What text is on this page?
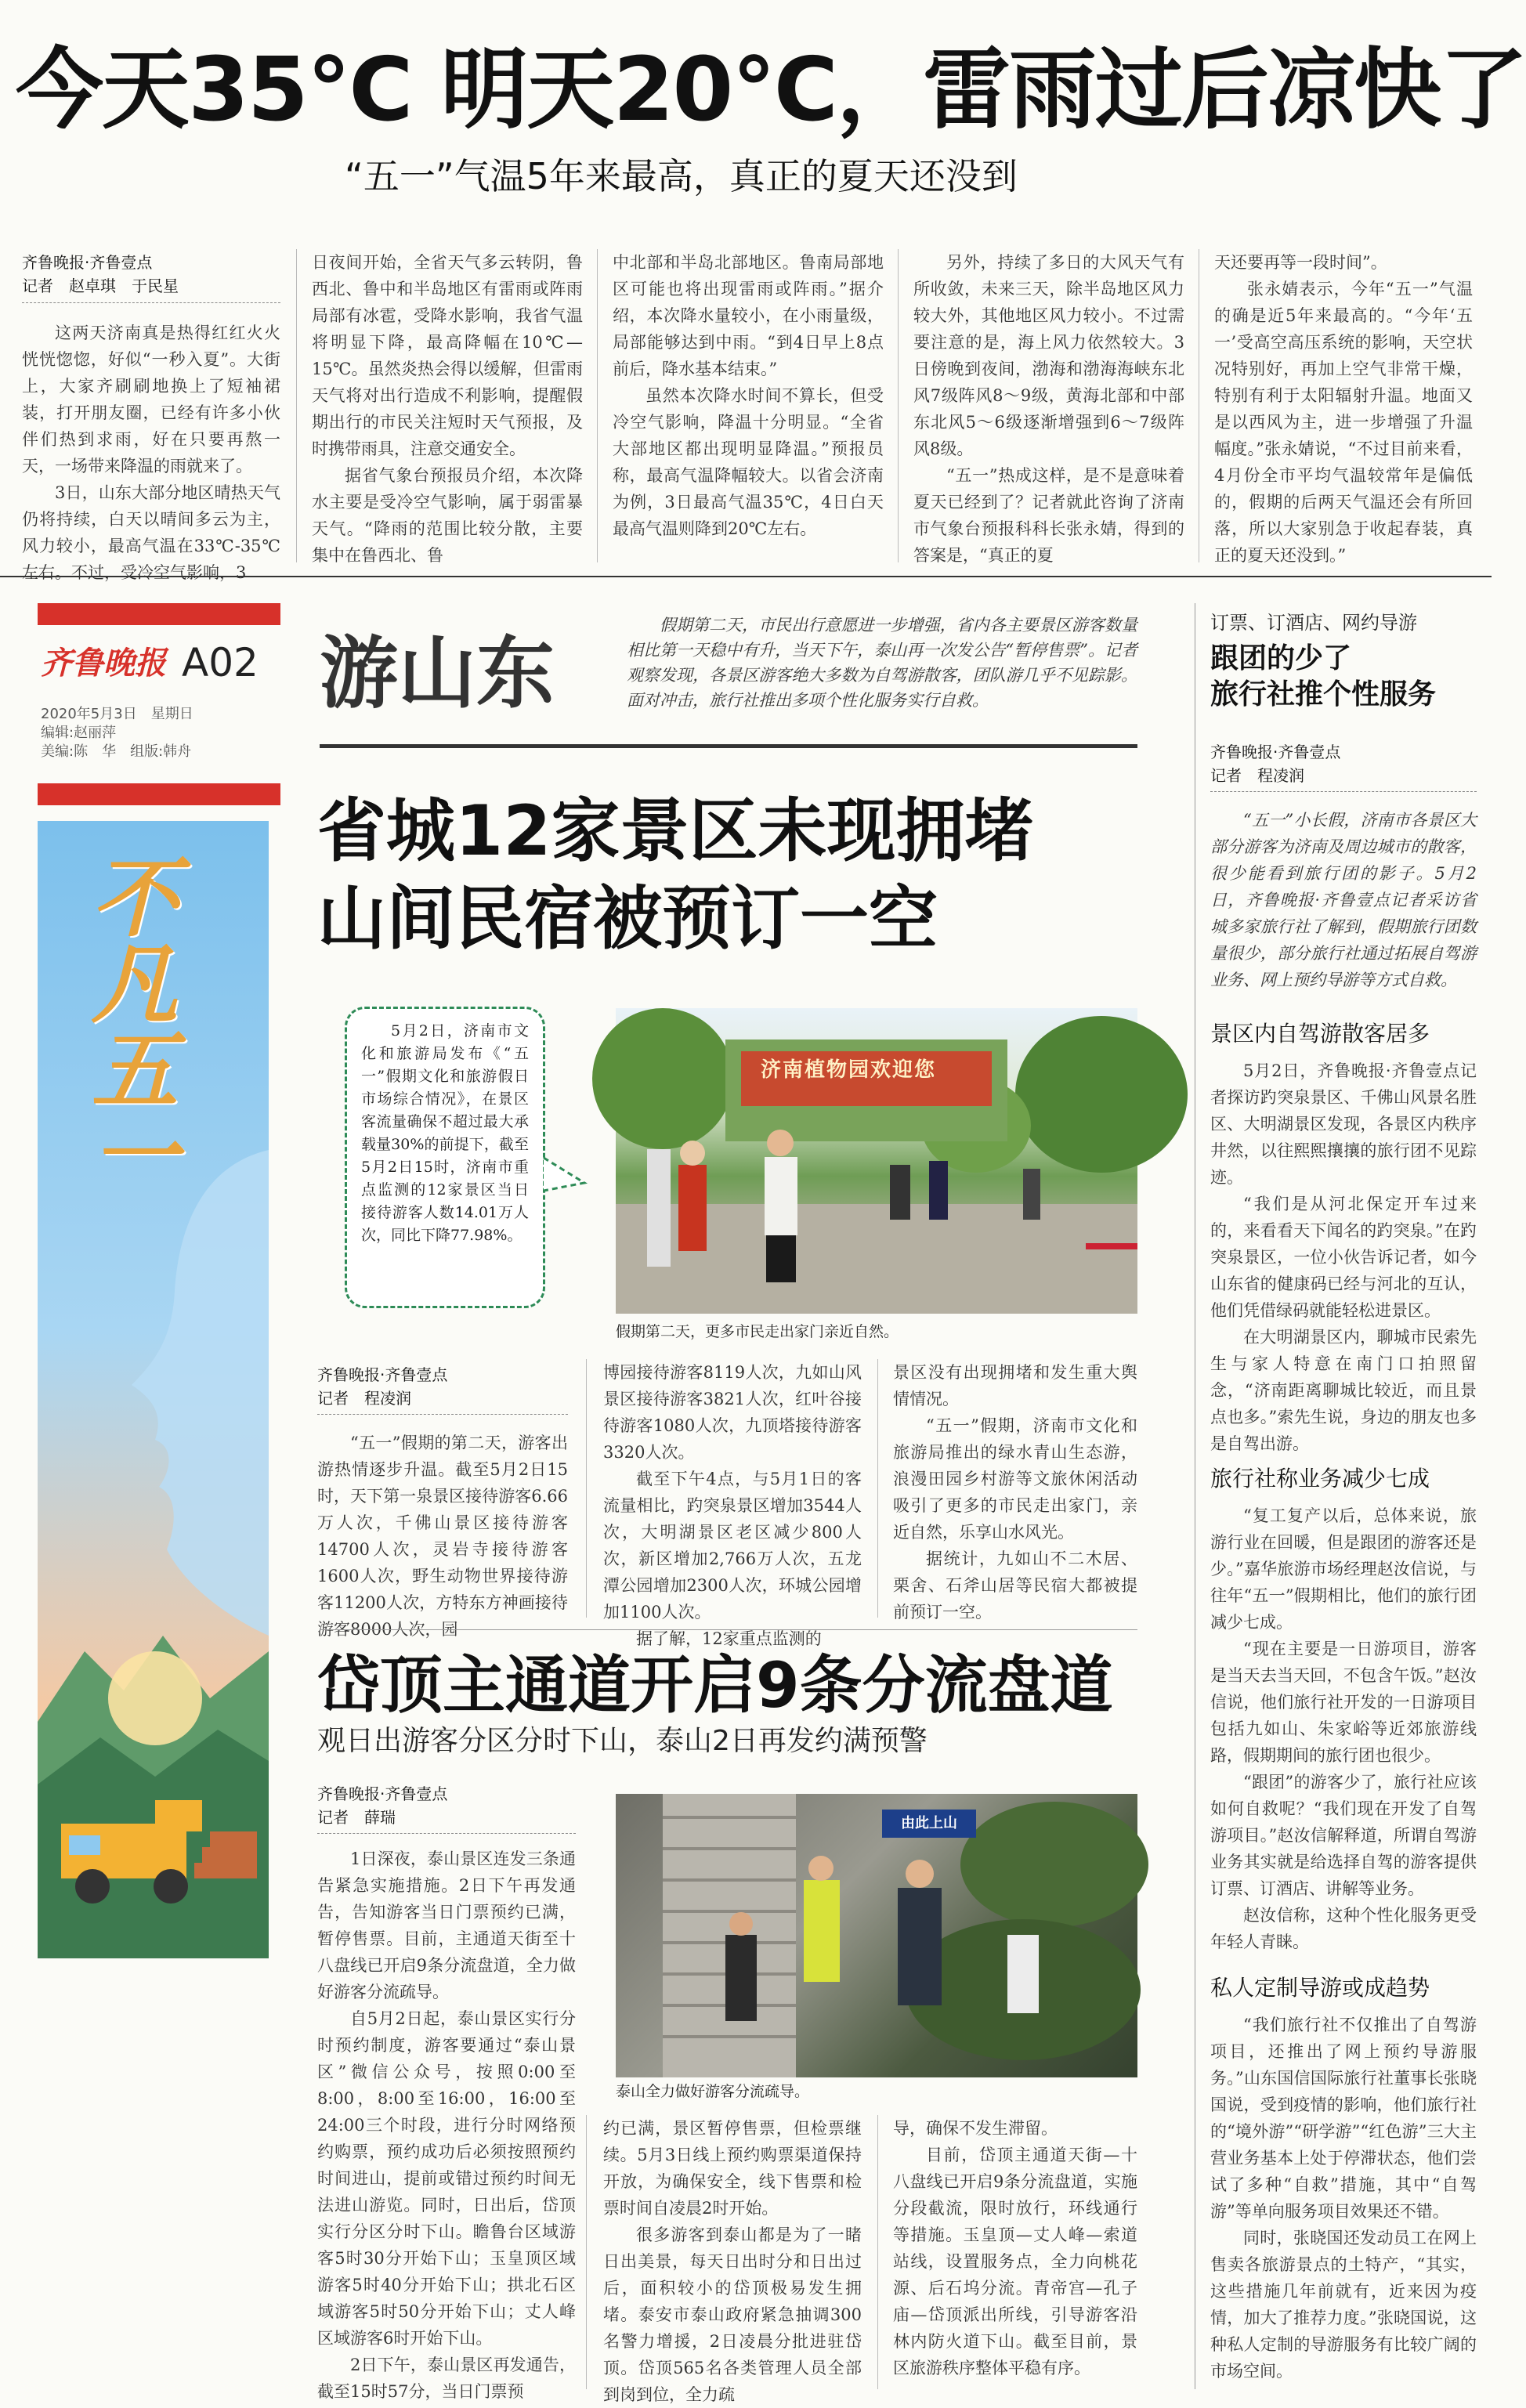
今天35℃ 明天20℃，雷雨过后凉快了
“五一”气温5年来最高，真正的夏天还没到
齐鲁晚报·齐鲁壹点
记者　赵卓琪　于民星

这两天济南真是热得红红火火恍恍惚惚，好似“一秒入夏”。大街上，大家齐刷刷地换上了短袖裙装，打开朋友圈，已经有许多小伙伴们热到求雨，好在只要再熬一天，一场带来降温的雨就来了。

3日，山东大部分地区晴热天气仍将持续，白天以晴间多云为主，风力较小，最高气温在33℃-35℃左右。不过，受冷空气影响，3

日夜间开始，全省天气多云转阴，鲁西北、鲁中和半岛地区有雷雨或阵雨局部有冰雹，受降水影响，我省气温将明显下降，最高降幅在10℃—15℃。虽然炎热会得以缓解，但雷雨天气将对出行造成不利影响，提醒假期出行的市民关注短时天气预报，及时携带雨具，注意交通安全。

据省气象台预报员介绍，本次降水主要是受冷空气影响，属于弱雷暴天气。“降雨的范围比较分散，主要集中在鲁西北、鲁

中北部和半岛北部地区。鲁南局部地区可能也将出现雷雨或阵雨。”据介绍，本次降水量较小，在小雨量级，局部能够达到中雨。“到4日早上8点前后，降水基本结束。”

虽然本次降水时间不算长，但受冷空气影响，降温十分明显。“全省大部地区都出现明显降温。”预报员称，最高气温降幅较大。以省会济南为例，3日最高气温35℃，4日白天最高气温则降到20℃左右。

另外，持续了多日的大风天气有所收敛，未来三天，除半岛地区风力较大外，其他地区风力较小。不过需要注意的是，海上风力依然较大。3日傍晚到夜间，渤海和渤海海峡东北风7级阵风8～9级，黄海北部和中部东北风5～6级逐渐增强到6～7级阵风8级。

“五一”热成这样，是不是意味着夏天已经到了？记者就此咨询了济南市气象台预报科科长张永婧，得到的答案是，“真正的夏

天还要再等一段时间”。

张永婧表示，今年“五一”气温的确是近5年来最高的。“今年‘五一’受高空高压系统的影响，天空状况特别好，再加上空气非常干燥，特别有利于太阳辐射升温。地面又是以西风为主，进一步增强了升温幅度。”张永婧说，“不过目前来看，4月份全市平均气温较常年是偏低的，假期的后两天气温还会有所回落，所以大家别急于收起春装，真正的夏天还没到。”

齐鲁晚报 A02
2020年5月3日　星期日
编辑:赵丽萍
美编:陈　华　组版:韩舟
不凡五一
游山东
假期第二天，市民出行意愿进一步增强，省内各主要景区游客数量相比第一天稳中有升，当天下午，泰山再一次发公告“暂停售票”。记者观察发现，各景区游客绝大多数为自驾游散客，团队游几乎不见踪影。面对冲击，旅行社推出多项个性化服务实行自救。
省城12家景区未现拥堵
山间民宿被预订一空
5月2日，济南市文化和旅游局发布《“五一”假期文化和旅游假日市场综合情况》，在景区客流量确保不超过最大承载量30%的前提下，截至5月2日15时，济南市重点监测的12家景区当日接待游客人数14.01万人次，同比下降77.98%。
济南植物园欢迎您
假期第二天，更多市民走出家门亲近自然。
齐鲁晚报·齐鲁壹点
记者　程凌润

“五一”假期的第二天，游客出游热情逐步升温。截至5月2日15时，天下第一泉景区接待游客6.66万人次，千佛山景区接待游客14700人次，灵岩寺接待游客1600人次，野生动物世界接待游客11200人次，方特东方神画接待游客8000人次，园

博园接待游客8119人次，九如山风景区接待游客3821人次，红叶谷接待游客1080人次，九顶塔接待游客3320人次。

截至下午4点，与5月1日的客流量相比，趵突泉景区增加3544人次，大明湖景区老区减少800人次，新区增加2,766万人次，五龙潭公园增加2300人次，环城公园增加1100人次。

据了解，12家重点监测的

景区没有出现拥堵和发生重大舆情情况。

“五一”假期，济南市文化和旅游局推出的绿水青山生态游，浪漫田园乡村游等文旅休闲活动吸引了更多的市民走出家门，亲近自然，乐享山水风光。

据统计，九如山不二木居、栗舍、石斧山居等民宿大都被提前预订一空。

岱顶主通道开启9条分流盘道
观日出游客分区分时下山，泰山2日再发约满预警
齐鲁晚报·齐鲁壹点
记者　薛瑞

1日深夜，泰山景区连发三条通告紧急实施措施。2日下午再发通告，告知游客当日门票预约已满，暂停售票。目前，主通道天街至十八盘线已开启9条分流盘道，全力做好游客分流疏导。

自5月2日起，泰山景区实行分时预约制度，游客要通过“泰山景区”微信公众号，按照0:00至8:00，8:00至16:00，16:00至24:00三个时段，进行分时网络预约购票，预约成功后必须按照预约时间进山，提前或错过预约时间无法进山游览。同时，日出后，岱顶实行分区分时下山。瞻鲁台区域游客5时30分开始下山；玉皇顶区域游客5时40分开始下山；拱北石区域游客5时50分开始下山；丈人峰区域游客6时开始下山。

2日下午，泰山景区再发通告，截至15时57分，当日门票预

由此上山
泰山全力做好游客分流疏导。

约已满，景区暂停售票，但检票继续。5月3日线上预约购票渠道保持开放，为确保安全，线下售票和检票时间自凌晨2时开始。

很多游客到泰山都是为了一睹日出美景，每天日出时分和日出过后，面积较小的岱顶极易发生拥堵。泰安市泰山政府紧急抽调300名警力增援，2日凌晨分批进驻岱顶。岱顶565名各类管理人员全部到岗到位，全力疏

导，确保不发生滞留。

目前，岱顶主通道天街—十八盘线已开启9条分流盘道，实施分段截流，限时放行，环线通行等措施。玉皇顶—丈人峰—索道站线，设置服务点，全力向桃花源、后石坞分流。青帝宫—孔子庙—岱顶派出所线，引导游客沿林内防火道下山。截至目前，景区旅游秩序整体平稳有序。

订票、订酒店、网约导游
跟团的少了
旅行社推个性服务
齐鲁晚报·齐鲁壹点
记者　程凌润

“五一”小长假，济南市各景区大部分游客为济南及周边城市的散客，很少能看到旅行团的影子。5月2日，齐鲁晚报·齐鲁壹点记者采访省城多家旅行社了解到，假期旅行团数量很少，部分旅行社通过拓展自驾游业务、网上预约导游等方式自救。

景区内自驾游散客居多

5月2日，齐鲁晚报·齐鲁壹点记者探访趵突泉景区、千佛山风景名胜区、大明湖景区发现，各景区内秩序井然，以往熙熙攘攘的旅行团不见踪迹。

“我们是从河北保定开车过来的，来看看天下闻名的趵突泉。”在趵突泉景区，一位小伙告诉记者，如今山东省的健康码已经与河北的互认，他们凭借绿码就能轻松进景区。

在大明湖景区内，聊城市民索先生与家人特意在南门口拍照留念，“济南距离聊城比较近，而且景点也多。”索先生说，身边的朋友也多是自驾出游。

旅行社称业务减少七成

“复工复产以后，总体来说，旅游行业在回暖，但是跟团的游客还是少。”嘉华旅游市场经理赵汝信说，与往年“五一”假期相比，他们的旅行团减少七成。

“现在主要是一日游项目，游客是当天去当天回，不包含午饭。”赵汝信说，他们旅行社开发的一日游项目包括九如山、朱家峪等近郊旅游线路，假期期间的旅行团也很少。

“跟团”的游客少了，旅行社应该如何自救呢？“我们现在开发了自驾游项目。”赵汝信解释道，所谓自驾游业务其实就是给选择自驾的游客提供订票、订酒店、讲解等业务。

赵汝信称，这种个性化服务更受年轻人青睐。

私人定制导游或成趋势

“我们旅行社不仅推出了自驾游项目，还推出了网上预约导游服务。”山东国信国际旅行社董事长张晓国说，受到疫情的影响，他们旅行社的“境外游”“研学游”“红色游”三大主营业务基本上处于停滞状态，他们尝试了多种“自救”措施，其中“自驾游”等单向服务项目效果还不错。

同时，张晓国还发动员工在网上售卖各旅游景点的土特产，“其实，这些措施几年前就有，近来因为疫情，加大了推荐力度。”张晓国说，这种私人定制的导游服务有比较广阔的市场空间。
